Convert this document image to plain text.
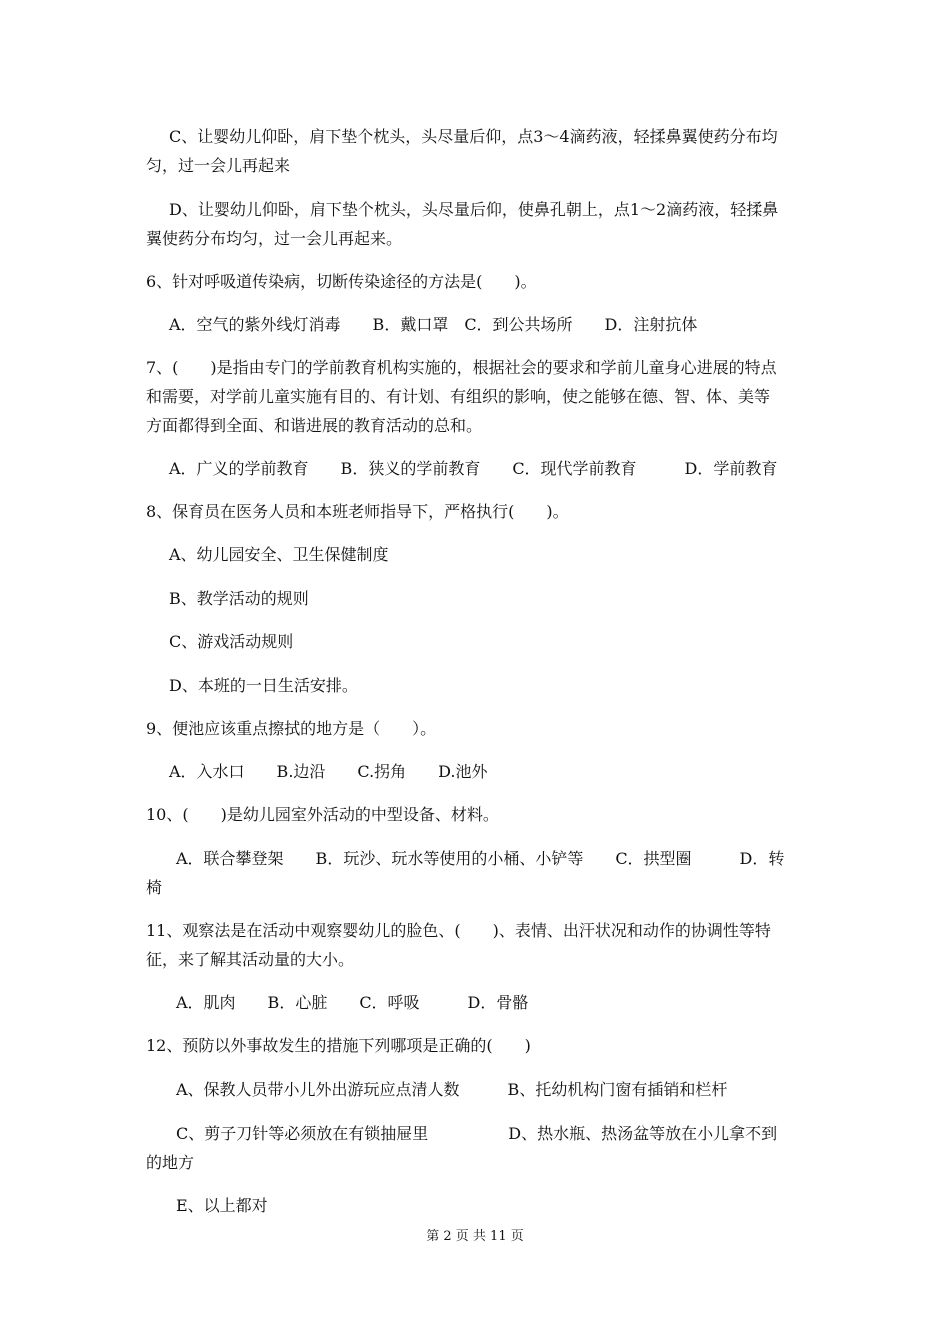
C、让婴幼儿仰卧，肩下垫个枕头，头尽量后仰，点3～4滴药液，轻揉鼻翼使药分布均
匀，过一会儿再起来
D、让婴幼儿仰卧，肩下垫个枕头，头尽量后仰，使鼻孔朝上，点1～2滴药液，轻揉鼻
翼使药分布均匀，过一会儿再起来。
6、针对呼吸道传染病，切断传染途径的方法是(　　)。
A．空气的紫外线灯消毒　　B．戴口罩　C．到公共场所　　D．注射抗体
7、(　　)是指由专门的学前教育机构实施的，根据社会的要求和学前儿童身心进展的特点
和需要，对学前儿童实施有目的、有计划、有组织的影响，使之能够在德、智、体、美等
方面都得到全面、和谐进展的教育活动的总和。
A．广义的学前教育　　B．狭义的学前教育　　C．现代学前教育　　　D．学前教育
8、保育员在医务人员和本班老师指导下，严格执行(　　)。
A、幼儿园安全、卫生保健制度
B、教学活动的规则
C、游戏活动规则
D、本班的一日生活安排。
9、便池应该重点擦拭的地方是（　　）。
A．入水口　　B.边沿　　C.拐角　　D.池外
10、(　　)是幼儿园室外活动的中型设备、材料。
A．联合攀登架　　B．玩沙、玩水等使用的小桶、小铲等　　C．拱型圈　　　D．转
椅
11、观察法是在活动中观察婴幼儿的脸色、(　　)、表情、出汗状况和动作的协调性等特
征，来了解其活动量的大小。
A．肌肉　　B．心脏　　C．呼吸　　　D．骨骼
12、预防以外事故发生的措施下列哪项是正确的(　　)
A、保教人员带小儿外出游玩应点清人数　　　B、托幼机构门窗有插销和栏杆
C、剪子刀针等必须放在有锁抽屉里　　　　　D、热水瓶、热汤盆等放在小儿拿不到
的地方
E、以上都对
第 2 页 共 11 页
